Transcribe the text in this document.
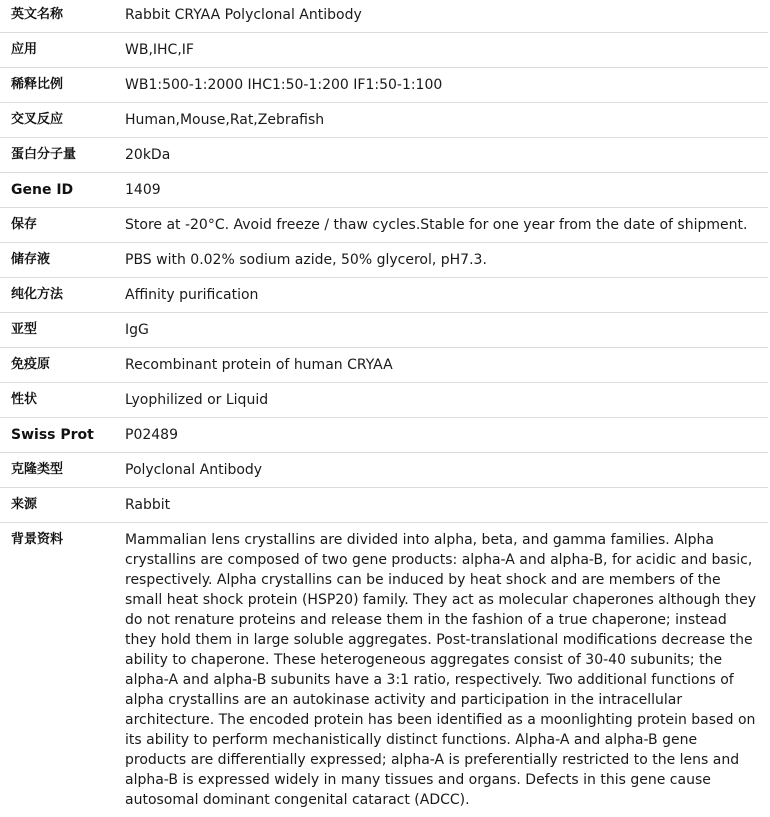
英文名称	Rabbit CRYAA Polyclonal Antibody
应用	WB,IHC,IF
稀释比例	WB1:500-1:2000 IHC1:50-1:200 IF1:50-1:100
交叉反应	Human,Mouse,Rat,Zebrafish
蛋白分子量	20kDa
Gene ID	1409
保存	Store at -20°C. Avoid freeze / thaw cycles.Stable for one year from the date of shipment.
储存液	PBS with 0.02% sodium azide, 50% glycerol, pH7.3.
纯化方法	Affinity purification
亚型	IgG
免疫原	Recombinant protein of human CRYAA
性状	Lyophilized or Liquid
Swiss Prot	P02489
克隆类型	Polyclonal Antibody
来源	Rabbit
背景资料	Mammalian lens crystallins are divided into alpha, beta, and gamma families. Alpha crystallins are composed of two gene products: alpha-A and alpha-B, for acidic and basic, respectively. Alpha crystallins can be induced by heat shock and are members of the small heat shock protein (HSP20) family. They act as molecular chaperones although they do not renature proteins and release them in the fashion of a true chaperone; instead they hold them in large soluble aggregates. Post-translational modifications decrease the ability to chaperone. These heterogeneous aggregates consist of 30-40 subunits; the alpha-A and alpha-B subunits have a 3:1 ratio, respectively. Two additional functions of alpha crystallins are an autokinase activity and participation in the intracellular architecture. The encoded protein has been identified as a moonlighting protein based on its ability to perform mechanistically distinct functions. Alpha-A and alpha-B gene products are differentially expressed; alpha-A is preferentially restricted to the lens and alpha-B is expressed widely in many tissues and organs. Defects in this gene cause autosomal dominant congenital cataract (ADCC).
